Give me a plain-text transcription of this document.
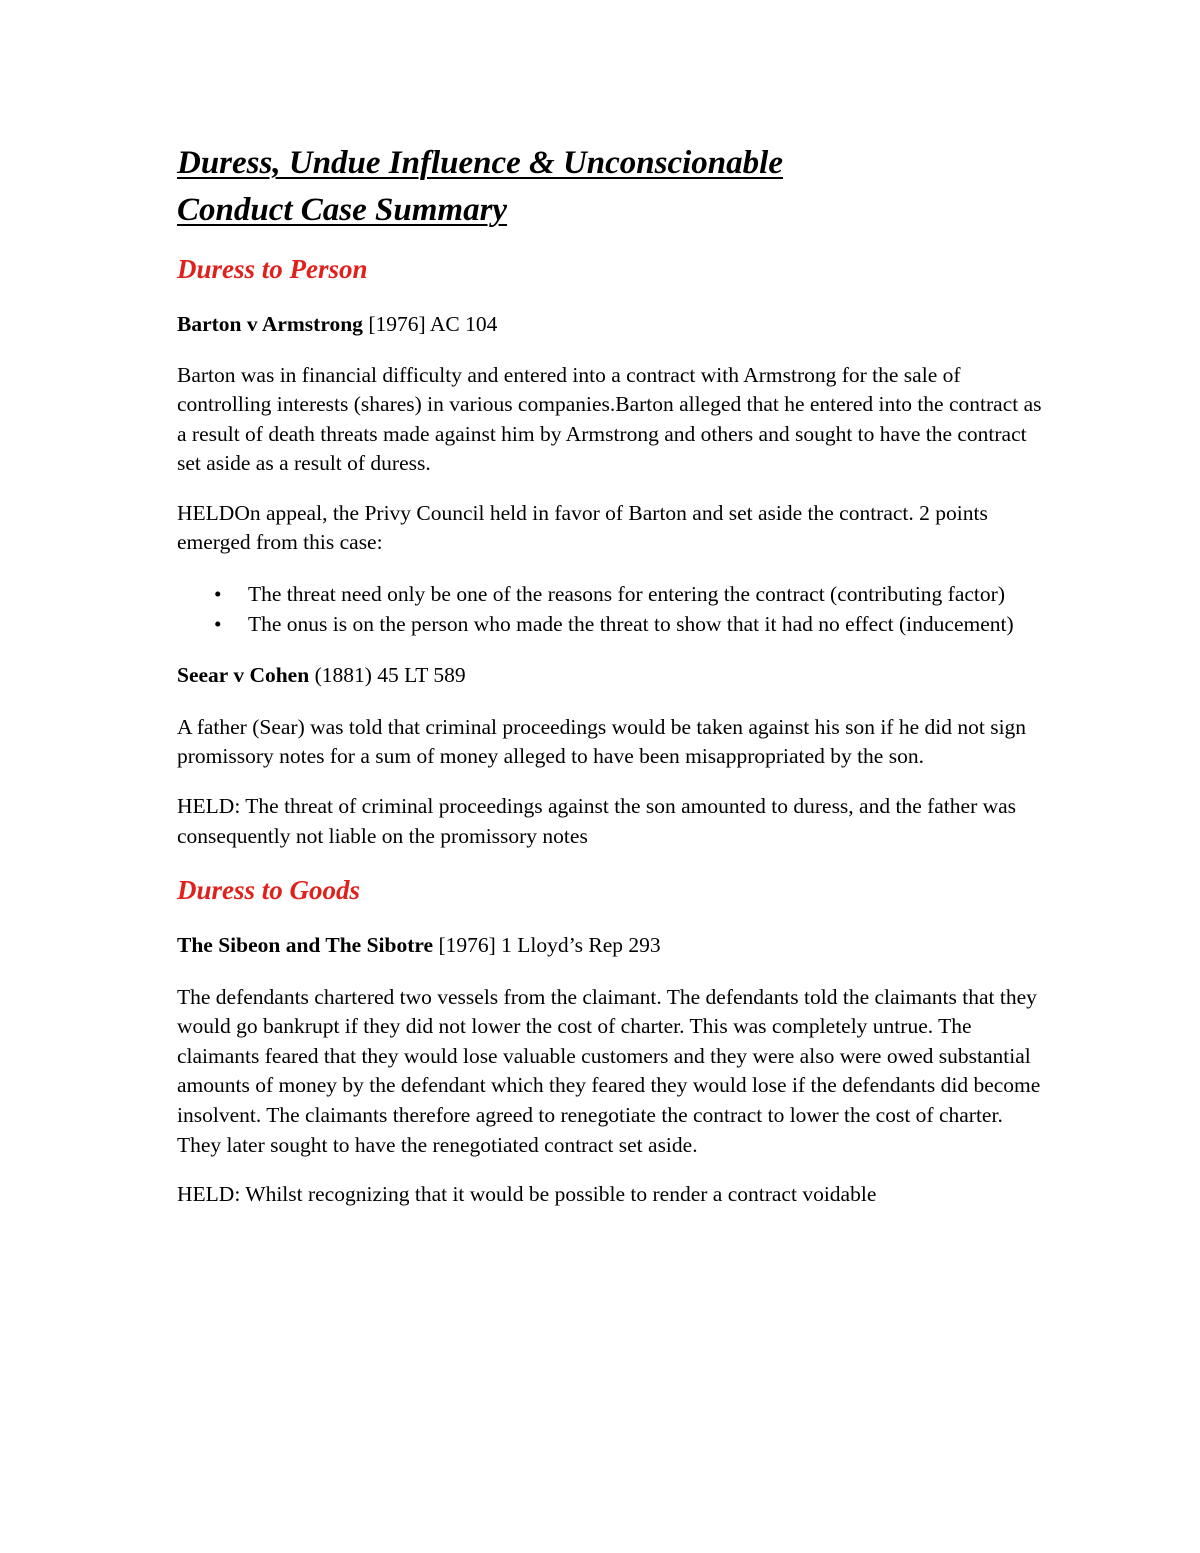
Duress, Undue Influence & Unconscionable
Conduct Case Summary
Duress to Person
Barton v Armstrong [1976] AC 104

Barton was in financial difficulty and entered into a contract with Armstrong for the sale of controlling interests (shares) in various companies.Barton alleged that he entered into the contract as a result of death threats made against him by Armstrong and others and sought to have the contract set aside as a result of duress.

HELDOn appeal, the Privy Council held in favor of Barton and set aside the contract. 2 points emerged from this case:

• The threat need only be one of the reasons for entering the contract (contributing factor)
• The onus is on the person who made the threat to show that it had no effect (inducement)
Seear v Cohen (1881) 45 LT 589

A father (Sear) was told that criminal proceedings would be taken against his son if he did not sign promissory notes for a sum of money alleged to have been misappropriated by the son.

HELD: The threat of criminal proceedings against the son amounted to duress, and the father was consequently not liable on the promissory notes

Duress to Goods
The Sibeon and The Sibotre [1976] 1 Lloyd’s Rep 293

The defendants chartered two vessels from the claimant. The defendants told the claimants that they would go bankrupt if they did not lower the cost of charter. This was completely untrue. The claimants feared that they would lose valuable customers and they were also were owed substantial amounts of money by the defendant which they feared they would lose if the defendants did become insolvent. The claimants therefore agreed to renegotiate the contract to lower the cost of charter. They later sought to have the renegotiated contract set aside.

HELD: Whilst recognizing that it would be possible to render a contract voidable
